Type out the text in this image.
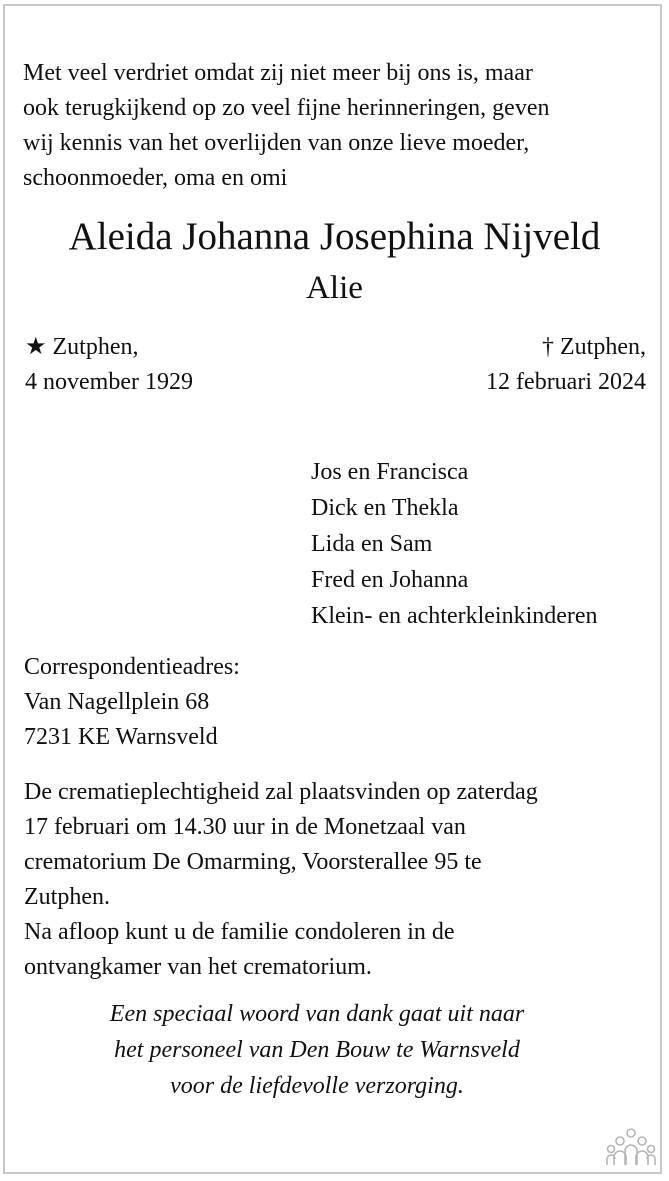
Met veel verdriet omdat zij niet meer bij ons is, maar
ook terugkijkend op zo veel fijne herinneringen, geven
wij kennis van het overlijden van onze lieve moeder,
schoonmoeder, oma en omi

Aleida Johanna Josephina Nijveld
Alie

★ Zutphen,
4 november 1929

† Zutphen,
12 februari 2024

Jos en Francisca
Dick en Thekla
Lida en Sam
Fred en Johanna
Klein- en achterkleinkinderen

Correspondentieadres:
Van Nagellplein 68
7231 KE Warnsveld

De crematieplechtigheid zal plaatsvinden op zaterdag
17 februari om 14.30 uur in de Monetzaal van
crematorium De Omarming, Voorsterallee 95 te
Zutphen.
Na afloop kunt u de familie condoleren in de
ontvangkamer van het crematorium.

Een speciaal woord van dank gaat uit naar
het personeel van Den Bouw te Warnsveld
voor de liefdevolle verzorging.
